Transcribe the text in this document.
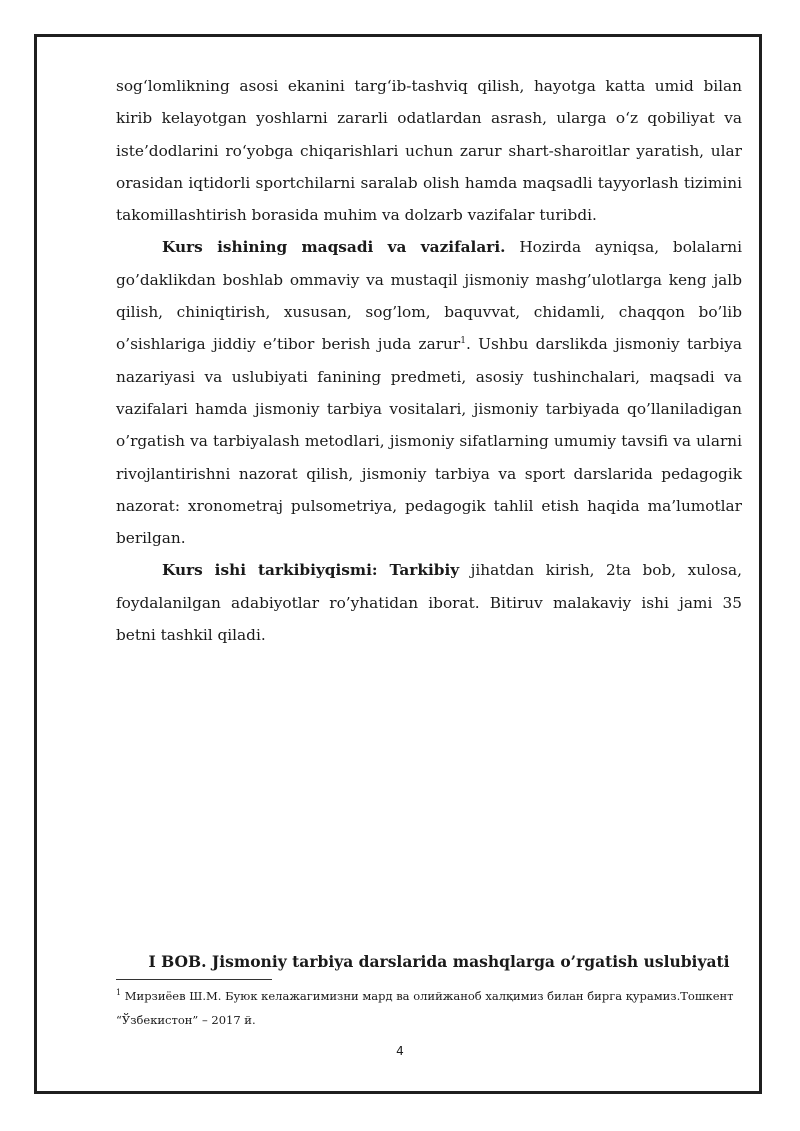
sog‘lomlikning asosi ekanini targ‘ib-tashviq qilish, hayotga katta umid bilan kirib kelayotgan yoshlarni zararli odatlardan asrash, ularga o‘z qobiliyat va iste’dodlarini ro‘yobga chiqarishlari uchun zarur shart-sharoitlar yaratish, ular orasidan iqtidorli sportchilarni saralab olish hamda maqsadli tayyorlash tizimini takomillashtirish borasida muhim va dolzarb vazifalar turibdi.

Kurs ishining maqsadi va vazifalari. Hozirda ayniqsa, bolalarni go’daklikdan boshlab ommaviy va mustaqil jismoniy mashg’ulotlarga keng jalb qilish, chiniqtirish, xususan, sog’lom, baquvvat, chidamli, chaqqon bo’lib o’sishlariga jiddiy e’tibor berish juda zarur$^1$. Ushbu darslikda jismoniy tarbiya nazariyasi va uslubiyati fanining predmeti, asosiy tushinchalari, maqsadi va vazifalari hamda jismoniy tarbiya vositalari, jismoniy tarbiyada qo’llaniladigan o’rgatish va tarbiyalash metodlari, jismoniy sifatlarning umumiy tavsifi va ularni rivojlantirishni nazorat qilish, jismoniy tarbiya va sport darslarida pedagogik nazorat: xronometraj pulsometriya, pedagogik tahlil etish haqida ma’lumotlar berilgan.

Kurs ishi tarkibiyqismi: Tarkibiy jihatdan kirish, 2ta bob, xulosa, foydalanilgan adabiyotlar ro’yhatidan iborat. Bitiruv malakaviy ishi jami 35 betni tashkil qiladi.

I BOB. Jismoniy tarbiya darslarida mashqlarga o’rgatish uslubiyati
$^1$ Мирзиёев Ш.М. Буюк келажагимизни мард ва олийжаноб халқимиз билан бирга қурамиз.Тошкент
“Ўзбекистон” – 2017 й.
4
